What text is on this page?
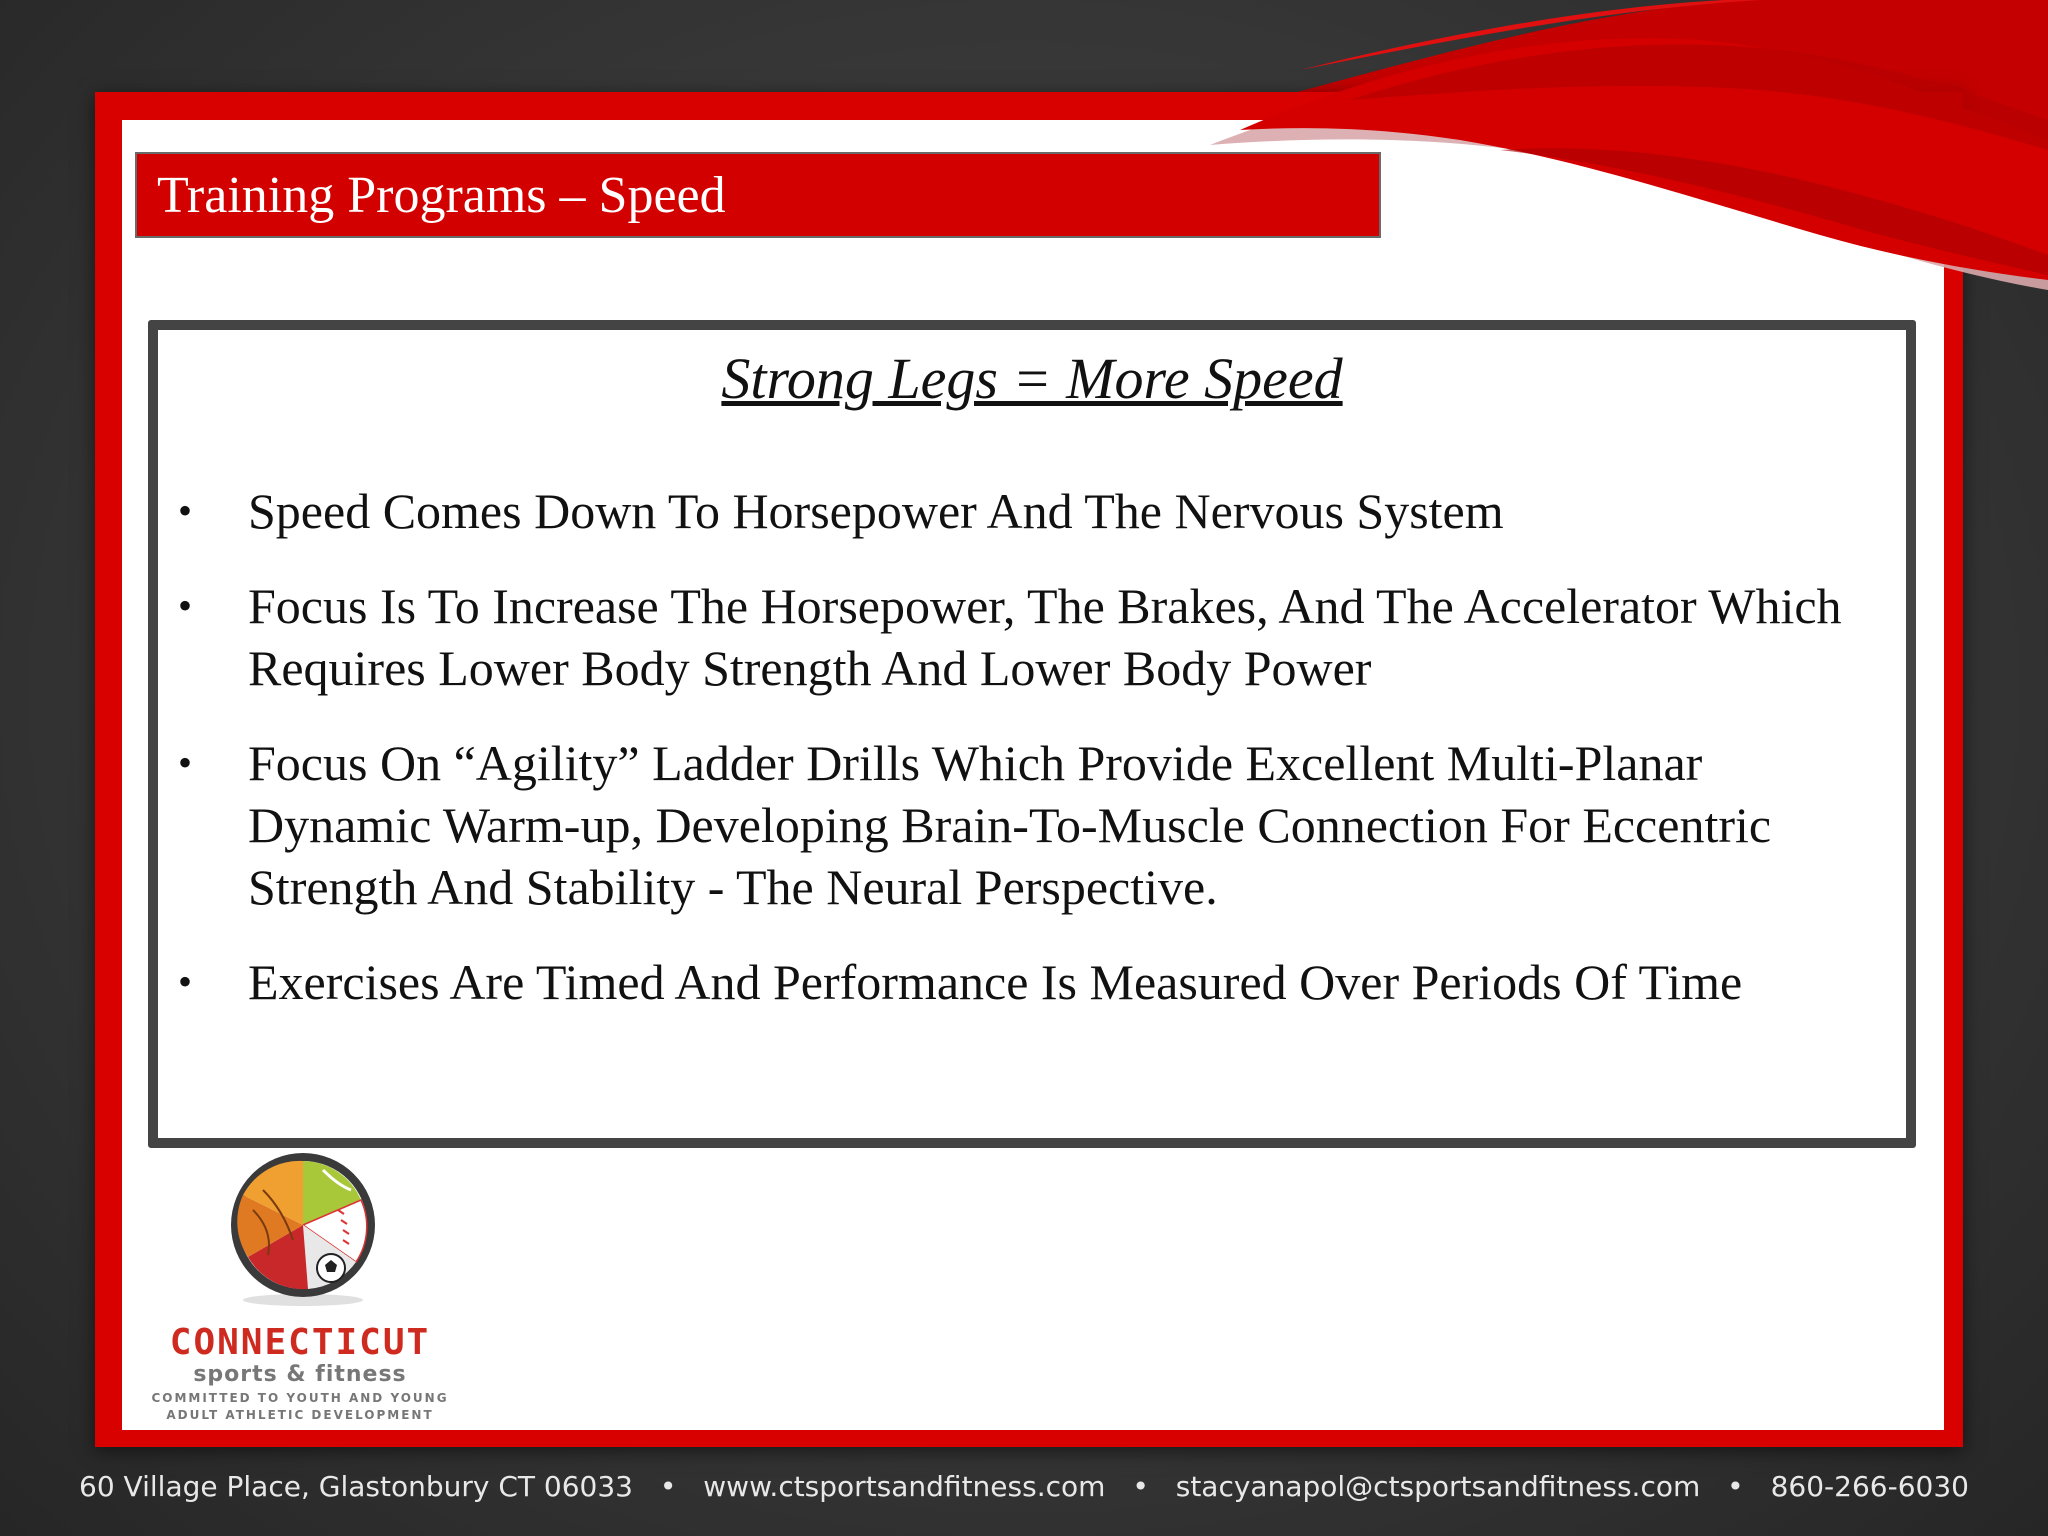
Training Programs – Speed
Strong Legs = More Speed
• Speed Comes Down To Horsepower And The Nervous System
• Focus Is To Increase The Horsepower, The Brakes, And The Accelerator Which Requires Lower Body Strength And Lower Body Power
• Focus On “Agility” Ladder Drills Which Provide Excellent Multi-Planar Dynamic Warm-up, Developing Brain-To-Muscle Connection For Eccentric Strength And Stability - The Neural Perspective.
• Exercises Are Timed And Performance Is Measured Over Periods Of Time
CONNECTICUT
sports & fitness
COMMITTED TO YOUTH AND YOUNG
ADULT ATHLETIC DEVELOPMENT
60 Village Place, Glastonbury CT 06033 • www.ctsportsandfitness.com • stacyanapol@ctsportsandfitness.com • 860-266-6030
